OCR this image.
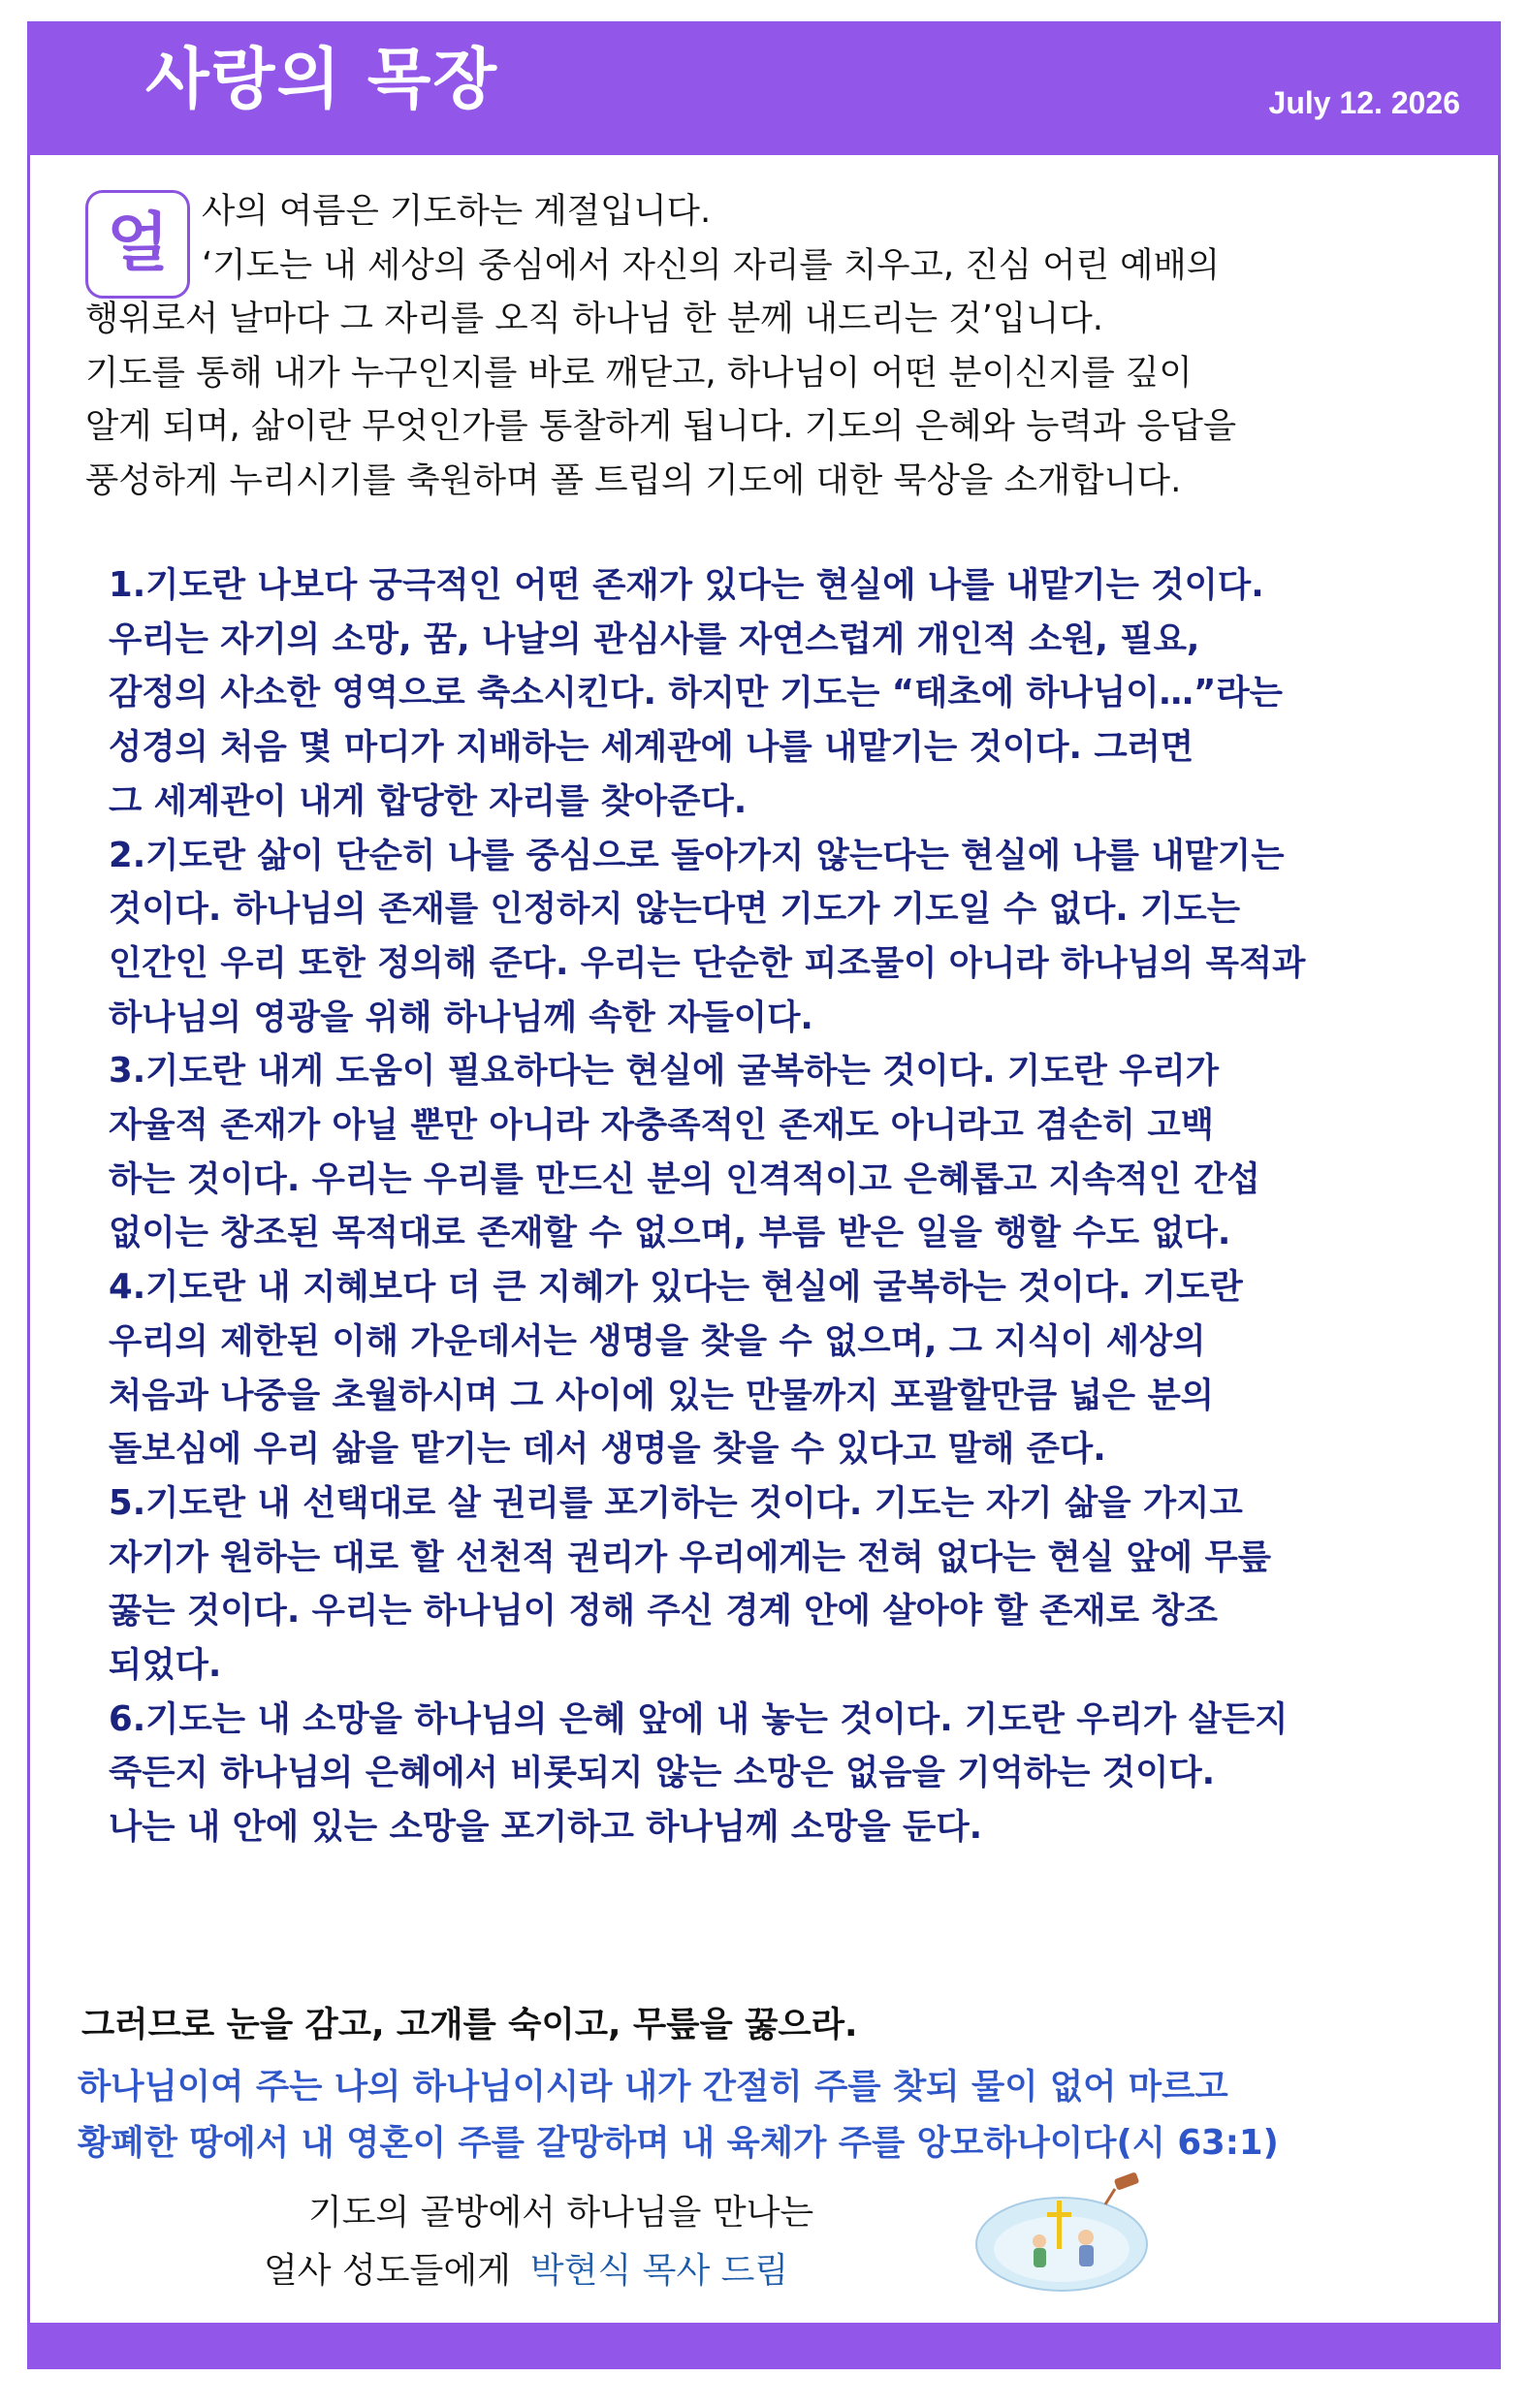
사랑의 목장	July 12. 2026
얼 사의 여름은 기도하는 계절입니다.
‘기도는 내 세상의 중심에서 자신의 자리를 치우고, 진심 어린 예배의
행위로서 날마다 그 자리를 오직 하나님 한 분께 내드리는 것’입니다.
기도를 통해 내가 누구인지를 바로 깨닫고, 하나님이 어떤 분이신지를 깊이
알게 되며, 삶이란 무엇인가를 통찰하게 됩니다. 기도의 은혜와 능력과 응답을
풍성하게 누리시기를 축원하며 폴 트립의 기도에 대한 묵상을 소개합니다.
1.기도란 나보다 궁극적인 어떤 존재가 있다는 현실에 나를 내맡기는 것이다.
우리는 자기의 소망, 꿈, 나날의 관심사를 자연스럽게 개인적 소원, 필요,
감정의 사소한 영역으로 축소시킨다. 하지만 기도는 “태초에 하나님이…”라는
성경의 처음 몇 마디가 지배하는 세계관에 나를 내맡기는 것이다. 그러면
그 세계관이 내게 합당한 자리를 찾아준다.
2.기도란 삶이 단순히 나를 중심으로 돌아가지 않는다는 현실에 나를 내맡기는
것이다. 하나님의 존재를 인정하지 않는다면 기도가 기도일 수 없다. 기도는
인간인 우리 또한 정의해 준다. 우리는 단순한 피조물이 아니라 하나님의 목적과
하나님의 영광을 위해 하나님께 속한 자들이다.
3.기도란 내게 도움이 필요하다는 현실에 굴복하는 것이다. 기도란 우리가
자율적 존재가 아닐 뿐만 아니라 자충족적인 존재도 아니라고 겸손히 고백
하는 것이다. 우리는 우리를 만드신 분의 인격적이고 은혜롭고 지속적인 간섭
없이는 창조된 목적대로 존재할 수 없으며, 부름 받은 일을 행할 수도 없다.
4.기도란 내 지혜보다 더 큰 지혜가 있다는 현실에 굴복하는 것이다. 기도란
우리의 제한된 이해 가운데서는 생명을 찾을 수 없으며, 그 지식이 세상의
처음과 나중을 초월하시며 그 사이에 있는 만물까지 포괄할만큼 넓은 분의
돌보심에 우리 삶을 맡기는 데서 생명을 찾을 수 있다고 말해 준다.
5.기도란 내 선택대로 살 권리를 포기하는 것이다. 기도는 자기 삶을 가지고
자기가 원하는 대로 할 선천적 권리가 우리에게는 전혀 없다는 현실 앞에 무릎
꿇는 것이다. 우리는 하나님이 정해 주신 경계 안에 살아야 할 존재로 창조
되었다.
6.기도는 내 소망을 하나님의 은혜 앞에 내 놓는 것이다. 기도란 우리가 살든지
죽든지 하나님의 은혜에서 비롯되지 않는 소망은 없음을 기억하는 것이다.
나는 내 안에 있는 소망을 포기하고 하나님께 소망을 둔다.
그러므로 눈을 감고, 고개를 숙이고, 무릎을 꿇으라.
하나님이여 주는 나의 하나님이시라 내가 간절히 주를 찾되 물이 없어 마르고
황폐한 땅에서 내 영혼이 주를 갈망하며 내 육체가 주를 앙모하나이다(시 63:1)
기도의 골방에서 하나님을 만나는
얼사 성도들에게 박현식 목사 드림
